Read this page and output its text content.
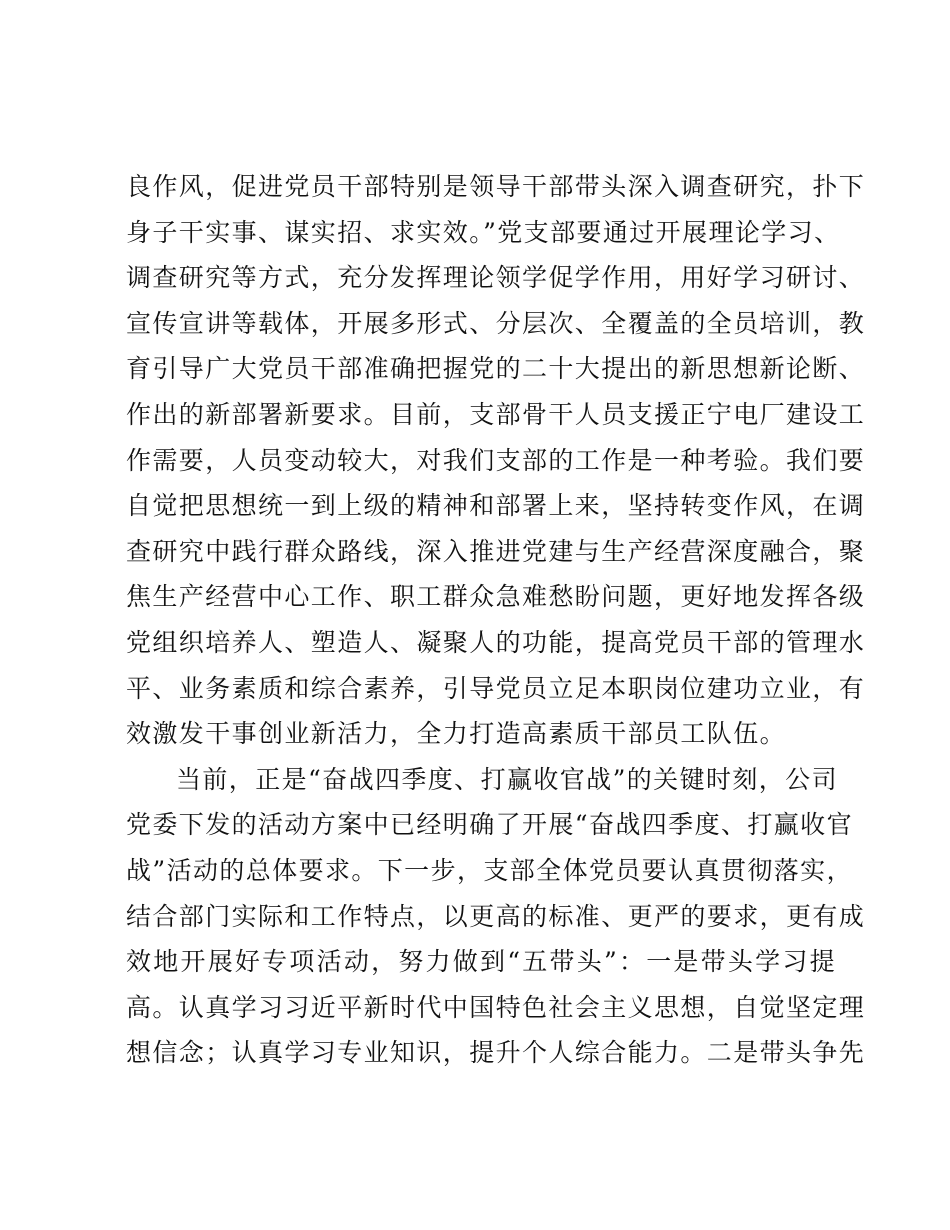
良作风，促进党员干部特别是领导干部带头深入调查研究，扑下
身子干实事、谋实招、求实效。”党支部要通过开展理论学习、
调查研究等方式，充分发挥理论领学促学作用，用好学习研讨、
宣传宣讲等载体，开展多形式、分层次、全覆盖的全员培训，教
育引导广大党员干部准确把握党的二十大提出的新思想新论断、
作出的新部署新要求。目前，支部骨干人员支援正宁电厂建设工
作需要，人员变动较大，对我们支部的工作是一种考验。我们要
自觉把思想统一到上级的精神和部署上来，坚持转变作风，在调
查研究中践行群众路线，深入推进党建与生产经营深度融合，聚
焦生产经营中心工作、职工群众急难愁盼问题，更好地发挥各级
党组织培养人、塑造人、凝聚人的功能，提高党员干部的管理水
平、业务素质和综合素养，引导党员立足本职岗位建功立业，有
效激发干事创业新活力，全力打造高素质干部员工队伍。
当前，正是“奋战四季度、打赢收官战”的关键时刻，公司
党委下发的活动方案中已经明确了开展“奋战四季度、打赢收官
战”活动的总体要求。下一步，支部全体党员要认真贯彻落实，
结合部门实际和工作特点，以更高的标准、更严的要求，更有成
效地开展好专项活动，努力做到“五带头”：一是带头学习提
高。认真学习习近平新时代中国特色社会主义思想，自觉坚定理
想信念；认真学习专业知识，提升个人综合能力。二是带头争先
